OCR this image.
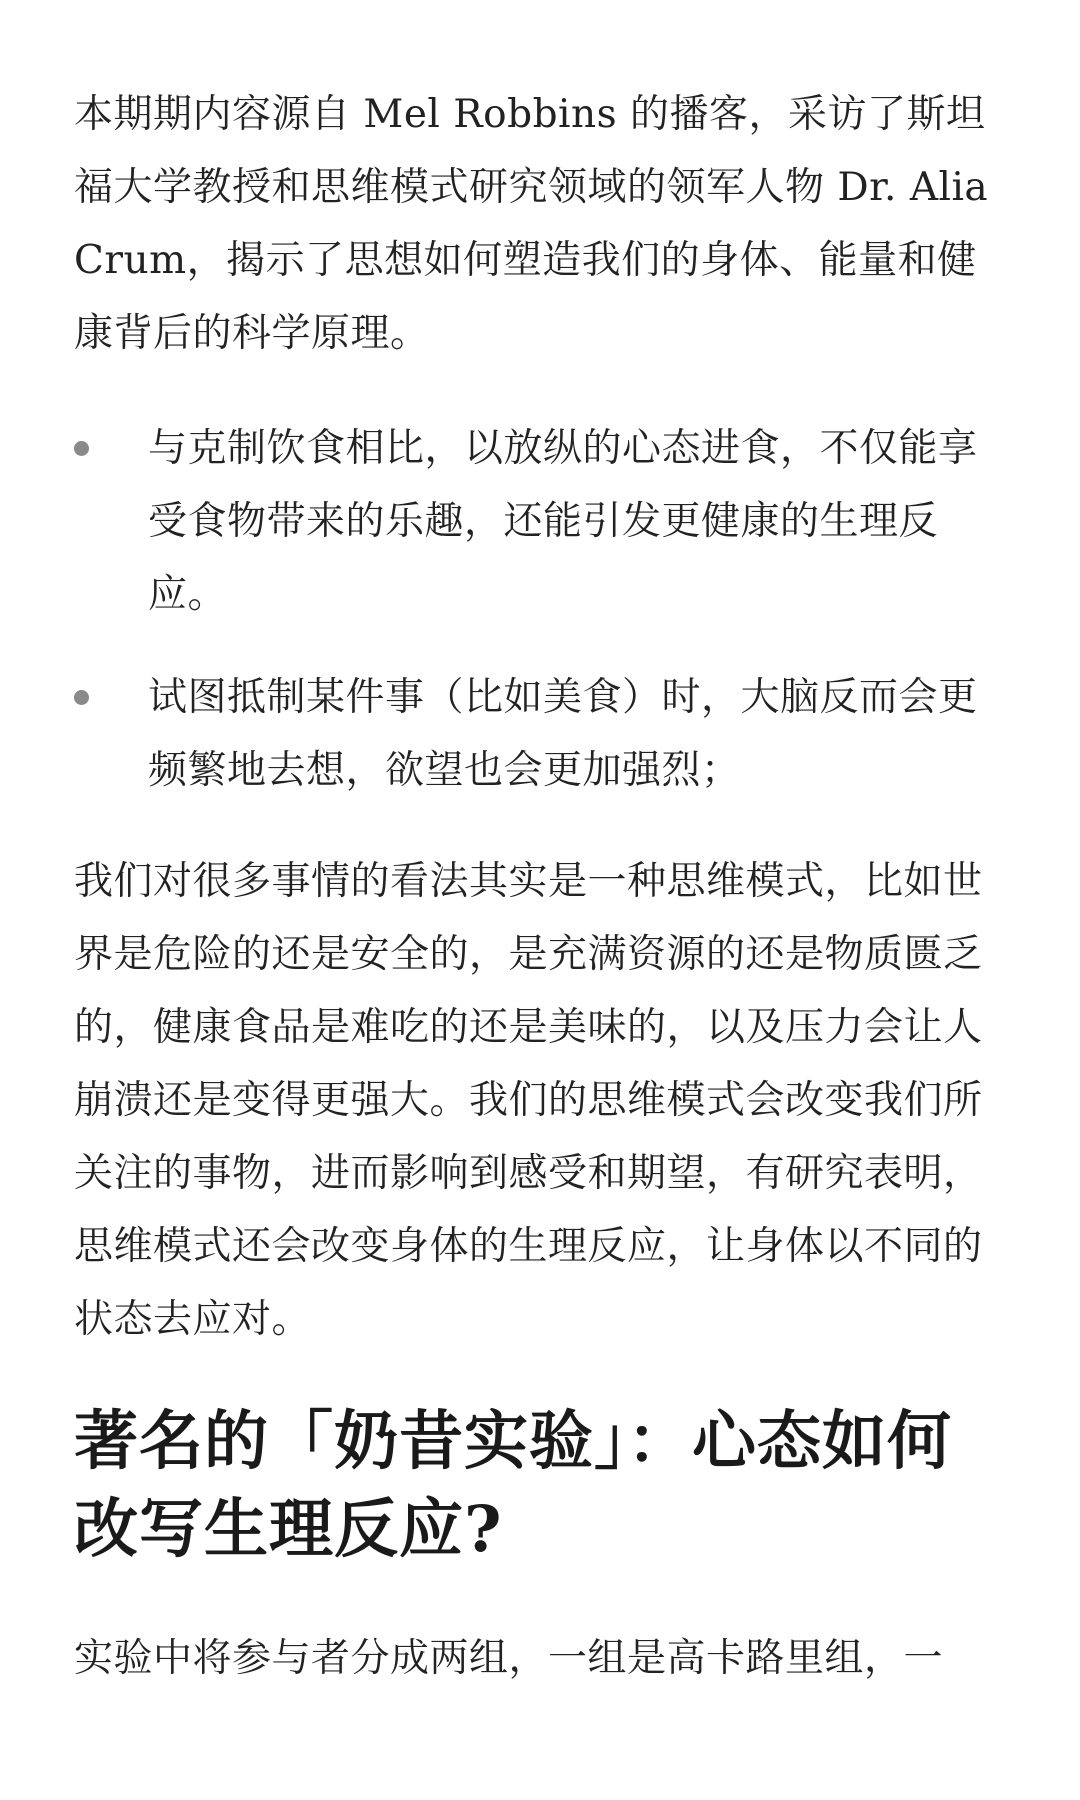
本期期内容源自 Mel Robbins 的播客，采访了斯坦福大学教授和思维模式研究领域的领军人物 Dr. Alia Crum，揭示了思想如何塑造我们的身体、能量和健康背后的科学原理。

与克制饮食相比，以放纵的心态进食，不仅能享受食物带来的乐趣，还能引发更健康的生理反应。
试图抵制某件事（比如美食）时，大脑反而会更频繁地去想，欲望也会更加强烈；

我们对很多事情的看法其实是一种思维模式，比如世界是危险的还是安全的，是充满资源的还是物质匮乏的，健康食品是难吃的还是美味的，以及压力会让人崩溃还是变得更强大。我们的思维模式会改变我们所关注的事物，进而影响到感受和期望，有研究表明，思维模式还会改变身体的生理反应，让身体以不同的状态去应对。

著名的「奶昔实验」：心态如何改写生理反应?

实验中将参与者分成两组，一组是高卡路里组，一
